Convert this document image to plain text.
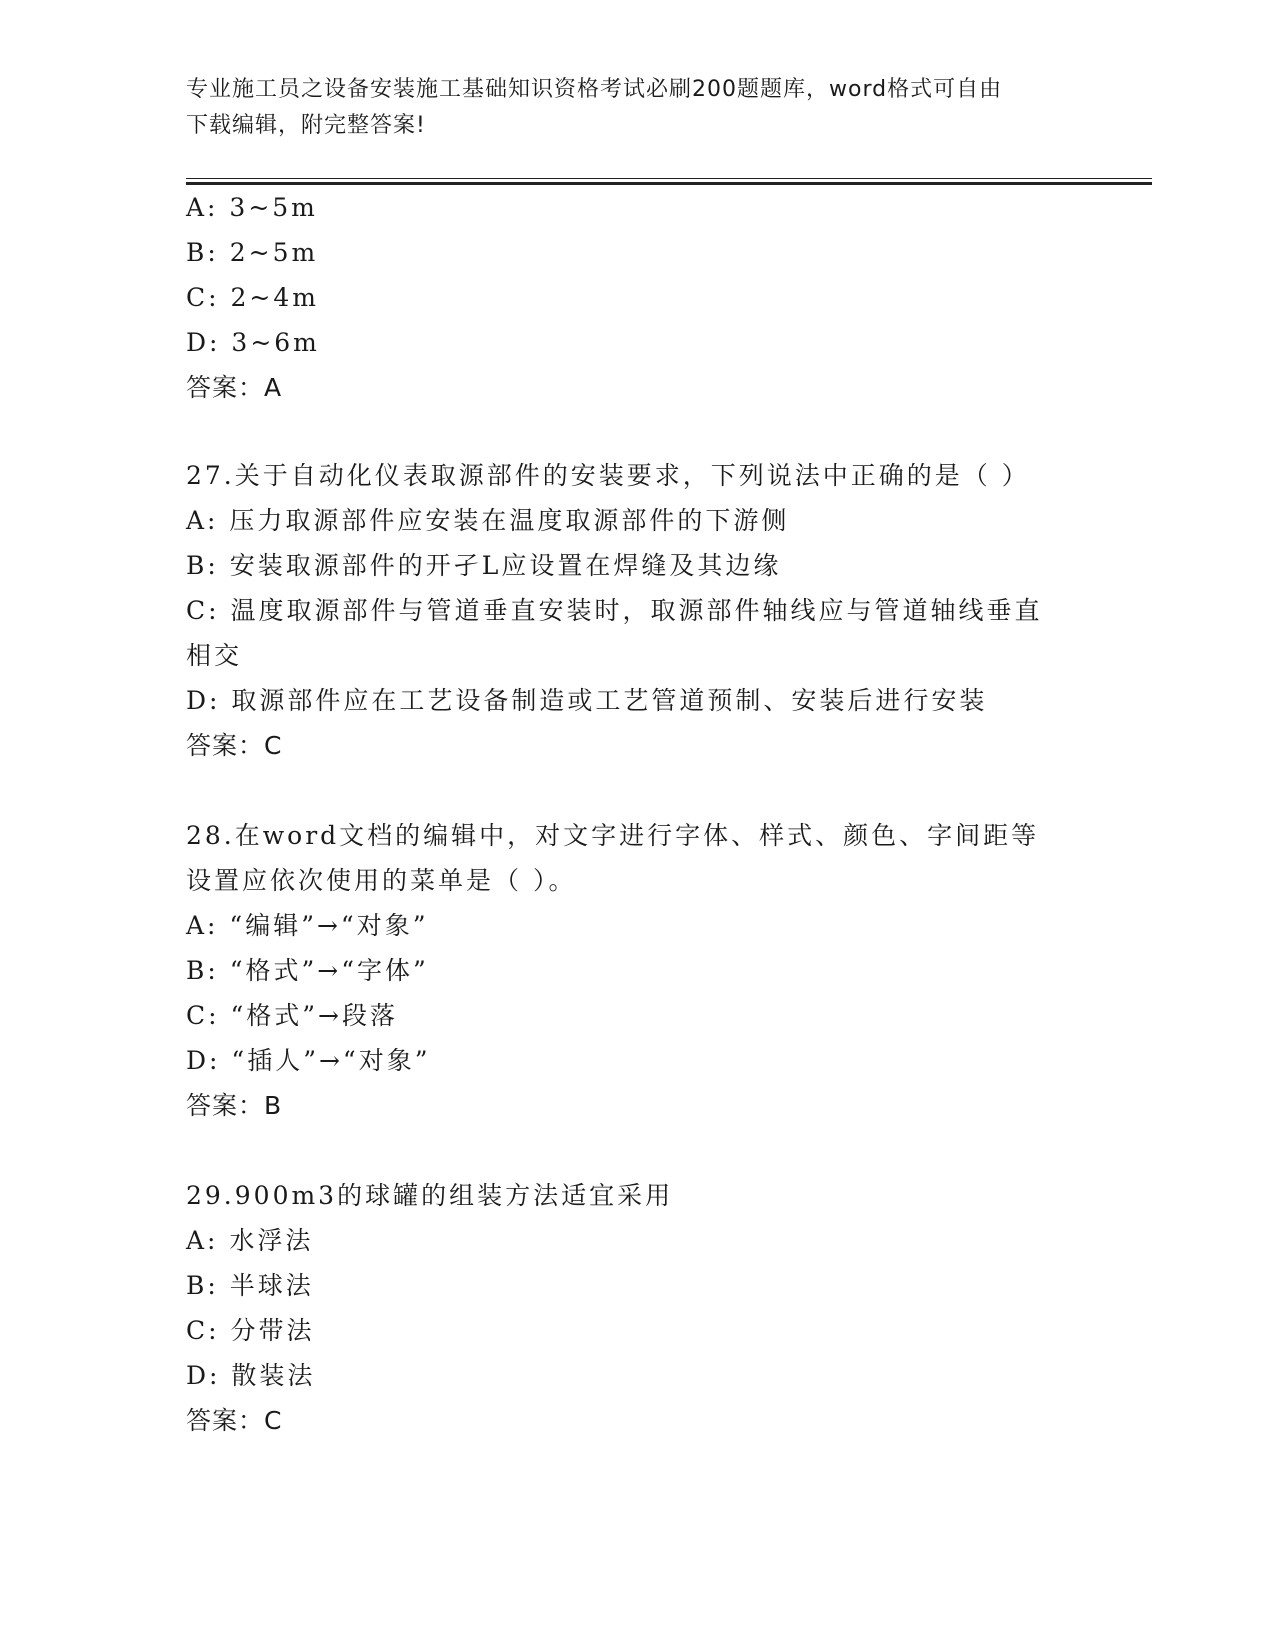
专业施工员之设备安装施工基础知识资格考试必刷200题题库，word格式可自由
下载编辑，附完整答案!
A: 3~5m
B: 2~5m
C: 2~4m
D: 3~6m
答案：A
27.关于自动化仪表取源部件的安装要求，下列说法中正确的是（ ）
A: 压力取源部件应安装在温度取源部件的下游侧
B: 安装取源部件的开孑L应设置在焊缝及其边缘
C: 温度取源部件与管道垂直安装时，取源部件轴线应与管道轴线垂直
相交
D: 取源部件应在工艺设备制造或工艺管道预制、安装后进行安装
答案：C
28.在word文档的编辑中，对文字进行字体、样式、颜色、字间距等
设置应依次使用的菜单是（ ）。
A: “编辑”→“对象”
B: “格式”→“字体”
C: “格式”→段落
D: “插人”→“对象”
答案：B
29.900m3的球罐的组装方法适宜采用
A: 水浮法
B: 半球法
C: 分带法
D: 散装法
答案：C
